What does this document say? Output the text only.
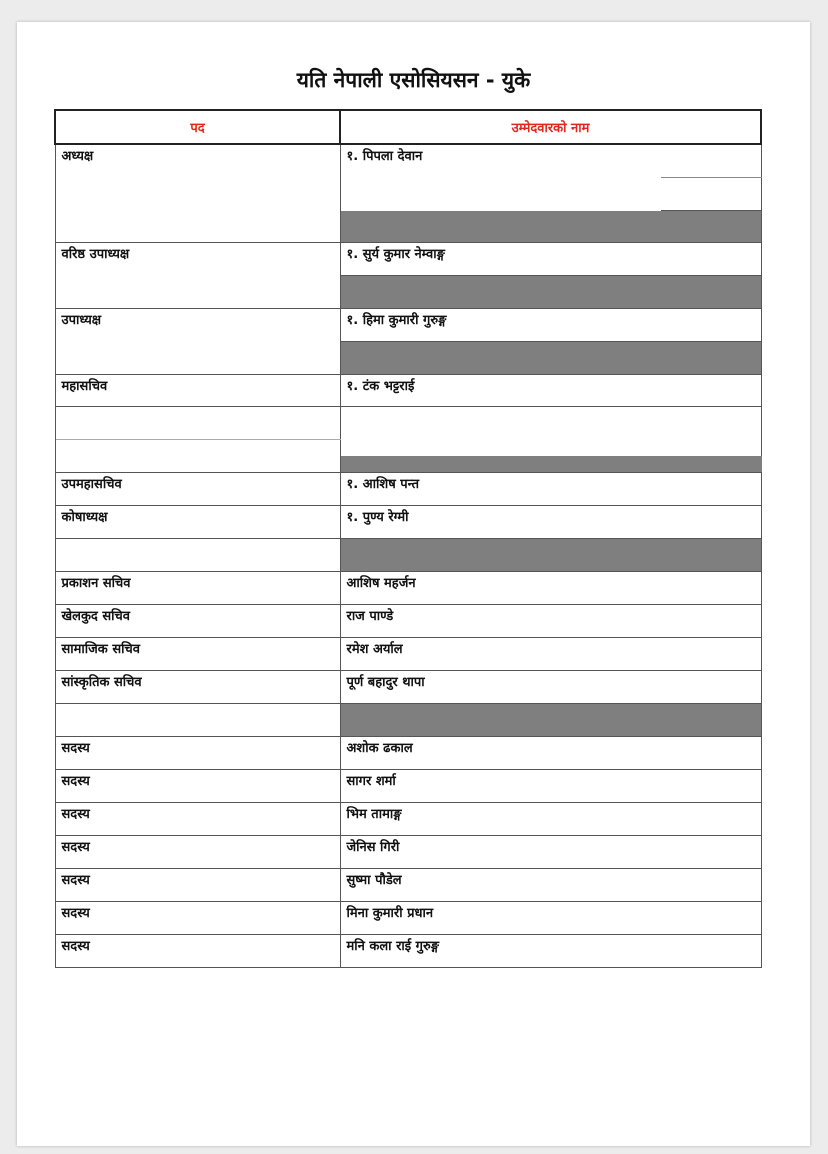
यति नेपाली एसोसियसन - युके
पद	उम्मेदवारको नाम
अध्यक्ष	१. पिपला देवान

वरिष्ठ उपाध्यक्ष	१. सुर्य कुमार नेम्वाङ्ग

उपाध्यक्ष	१. हिमा कुमारी गुरुङ्ग

महासचिव	१. टंक भट्टराई

उपमहासचिव	१. आशिष पन्त
कोषाध्यक्ष	१. पुण्य रेग्मी

प्रकाशन सचिव	आशिष महर्जन
खेलकुद सचिव	राज पाण्डे
सामाजिक सचिव	रमेश अर्याल
सांस्कृतिक सचिव	पूर्ण बहादुर थापा

सदस्य	अशोक ढकाल
सदस्य	सागर शर्मा
सदस्य	भिम तामाङ्ग
सदस्य	जेनिस गिरी
सदस्य	सुष्मा पौडेल
सदस्य	मिना कुमारी प्रधान
सदस्य	मनि कला राई गुरुङ्ग
